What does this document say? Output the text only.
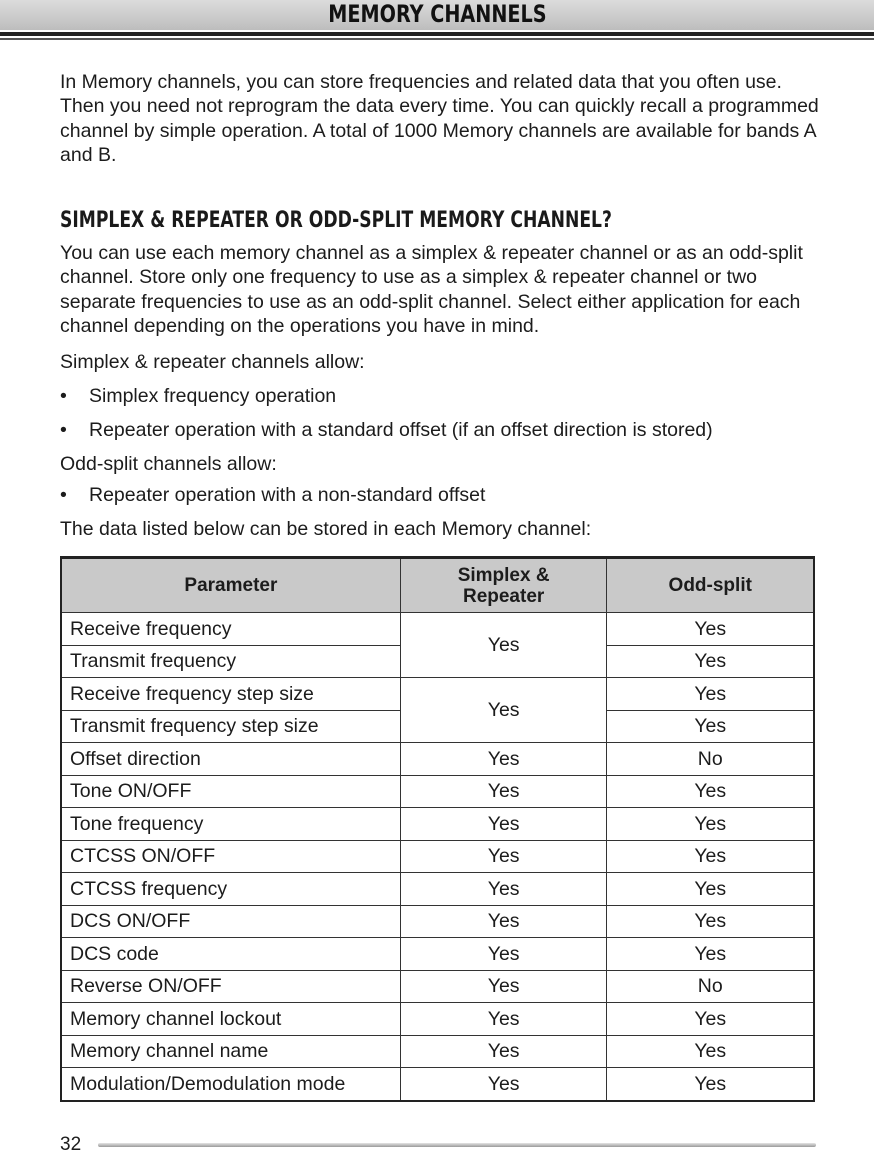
MEMORY CHANNELS

In Memory channels, you can store frequencies and related data that you often use. Then you need not reprogram the data every time. You can quickly recall a programmed channel by simple operation. A total of 1000 Memory channels are available for bands A and B.

SIMPLEX & REPEATER OR ODD-SPLIT MEMORY CHANNEL?

You can use each memory channel as a simplex & repeater channel or as an odd-split channel. Store only one frequency to use as a simplex & repeater channel or two separate frequencies to use as an odd-split channel. Select either application for each channel depending on the operations you have in mind.

Simplex & repeater channels allow:
• Simplex frequency operation
• Repeater operation with a standard offset (if an offset direction is stored)
Odd-split channels allow:
• Repeater operation with a non-standard offset
The data listed below can be stored in each Memory channel:
Parameter	Simplex & Repeater	Odd-split
Receive frequency	Yes	Yes
Transmit frequency		Yes
Receive frequency step size	Yes	Yes
Transmit frequency step size		Yes
Offset direction	Yes	No
Tone ON/OFF	Yes	Yes
Tone frequency	Yes	Yes
CTCSS ON/OFF	Yes	Yes
CTCSS frequency	Yes	Yes
DCS ON/OFF	Yes	Yes
DCS code	Yes	Yes
Reverse ON/OFF	Yes	No
Memory channel lockout	Yes	Yes
Memory channel name	Yes	Yes
Modulation/Demodulation mode	Yes	Yes
32
